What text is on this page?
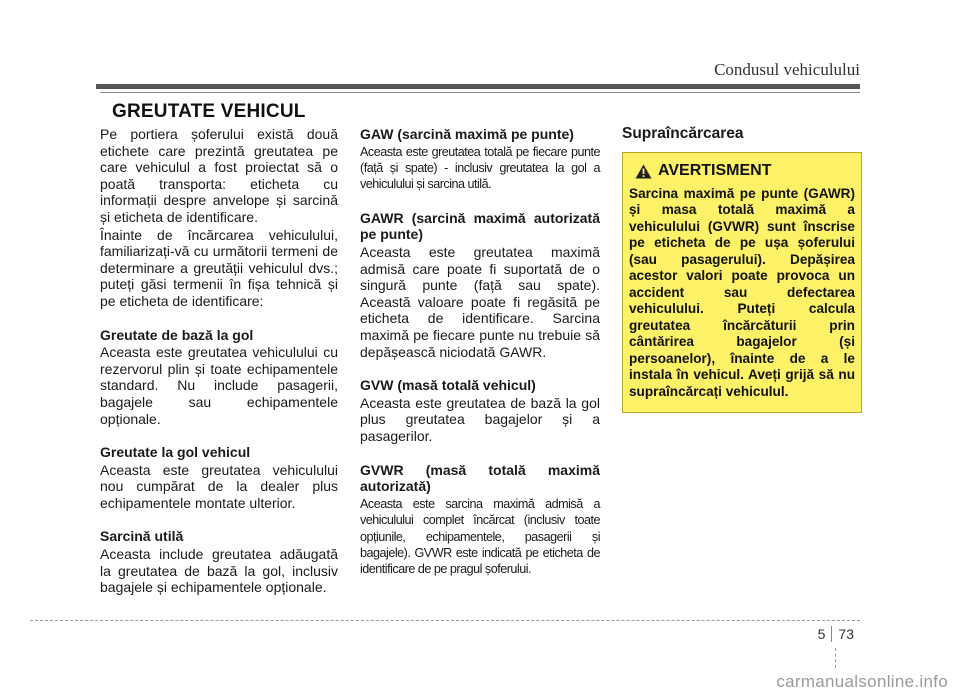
Condusul vehiculului
GREUTATE VEHICUL

Pe portiera șoferului există două etichete care prezintă greutatea pe care vehiculul a fost proiectat să o poată transporta: eticheta cu informații despre anvelope și sarcină și eticheta de identificare.

Înainte de încărcarea vehiculului, familiarizați-vă cu următorii termeni de determinare a greutății vehiculul dvs.; puteți găsi termenii în fișa tehnică și pe eticheta de identificare:

Greutate de bază la gol

Aceasta este greutatea vehiculului cu rezervorul plin și toate echipamentele standard. Nu include pasagerii, bagajele sau echipamentele opționale.

Greutate la gol vehicul

Aceasta este greutatea vehiculului nou cumpărat de la dealer plus echipamentele montate ulterior.

Sarcină utilă

Aceasta include greutatea adăugată la greutatea de bază la gol, inclusiv bagajele și echipamentele opționale.

GAW (sarcină maximă pe punte)

Aceasta este greutatea totală pe fiecare punte (față și spate) - inclusiv greutatea la gol a vehiculului și sarcina utilă.

GAWR (sarcină maximă autorizată pe punte)

Aceasta este greutatea maximă admisă care poate fi suportată de o singură punte (față sau spate). Această valoare poate fi regăsită pe eticheta de identificare. Sarcina maximă pe fiecare punte nu trebuie să depășească niciodată GAWR.

GVW (masă totală vehicul)

Aceasta este greutatea de bază la gol plus greutatea bagajelor și a pasagerilor.

GVWR (masă totală maximă autorizată)

Aceasta este sarcina maximă admisă a vehiculului complet încărcat (inclusiv toate opțiunile, echipamentele, pasagerii și bagajele). GVWR este indicată pe eticheta de identificare de pe pragul șoferului.

Supraîncărcarea
AVERTISMENT
Sarcina maximă pe punte (GAWR) și masa totală maximă a vehiculului (GVWR) sunt înscrise pe eticheta de pe ușa șoferului (sau pasagerului). Depășirea acestor valori poate provoca un accident sau defectarea vehiculului. Puteți calcula greutatea încărcăturii prin cântărirea bagajelor (și persoanelor), înainte de a le instala în vehicul. Aveți grijă să nu supraîncărcați vehiculul.
5 73
carmanualsonline.info
